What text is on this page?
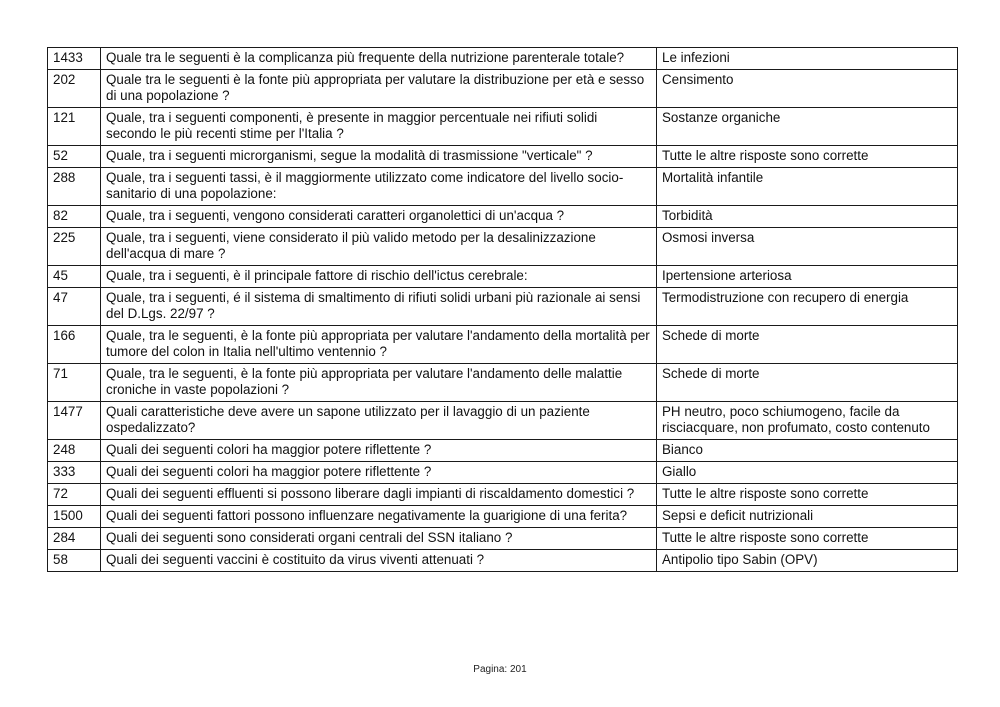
1433	Quale tra le seguenti è la complicanza più frequente della nutrizione parenterale totale?	Le infezioni
202	Quale tra le seguenti è la fonte più appropriata per valutare la distribuzione per età e sesso di una popolazione ?	Censimento
121	Quale, tra i seguenti componenti, è presente in maggior percentuale nei rifiuti solidi secondo le più recenti stime per l'Italia ?	Sostanze organiche
52	Quale, tra i seguenti microrganismi, segue la modalità di trasmissione "verticale" ?	Tutte le altre risposte sono corrette
288	Quale, tra i seguenti tassi, è il maggiormente utilizzato come indicatore del livello socio-sanitario di una popolazione:	Mortalità infantile
82	Quale, tra i seguenti, vengono considerati caratteri organolettici di un'acqua ?	Torbidità
225	Quale, tra i seguenti, viene considerato il più valido metodo per la desalinizzazione dell'acqua di mare ?	Osmosi inversa
45	Quale, tra i seguenti, è il principale fattore di rischio dell'ictus cerebrale:	Ipertensione arteriosa
47	Quale, tra i seguenti, é il sistema di smaltimento di rifiuti solidi urbani più razionale ai sensi del D.Lgs. 22/97 ?	Termodistruzione con recupero di energia
166	Quale, tra le seguenti, è la fonte più appropriata per valutare l'andamento della mortalità per tumore del colon in Italia nell'ultimo ventennio ?	Schede di morte
71	Quale, tra le seguenti, è la fonte più appropriata per valutare l'andamento delle malattie croniche in vaste popolazioni ?	Schede di morte
1477	Quali caratteristiche deve avere un sapone utilizzato per il lavaggio di un paziente ospedalizzato?	PH neutro, poco schiumogeno, facile da risciacquare, non profumato, costo contenuto
248	Quali dei seguenti colori ha maggior potere riflettente ?	Bianco
333	Quali dei seguenti colori ha maggior potere riflettente ?	Giallo
72	Quali dei seguenti effluenti si possono liberare dagli impianti di riscaldamento domestici ?	Tutte le altre risposte sono corrette
1500	Quali dei seguenti fattori possono influenzare negativamente la guarigione di una ferita?	Sepsi e deficit nutrizionali
284	Quali dei seguenti sono considerati organi centrali del SSN italiano ?	Tutte le altre risposte sono corrette
58	Quali dei seguenti vaccini è costituito da virus viventi attenuati ?	Antipolio tipo Sabin (OPV)
Pagina: 201
